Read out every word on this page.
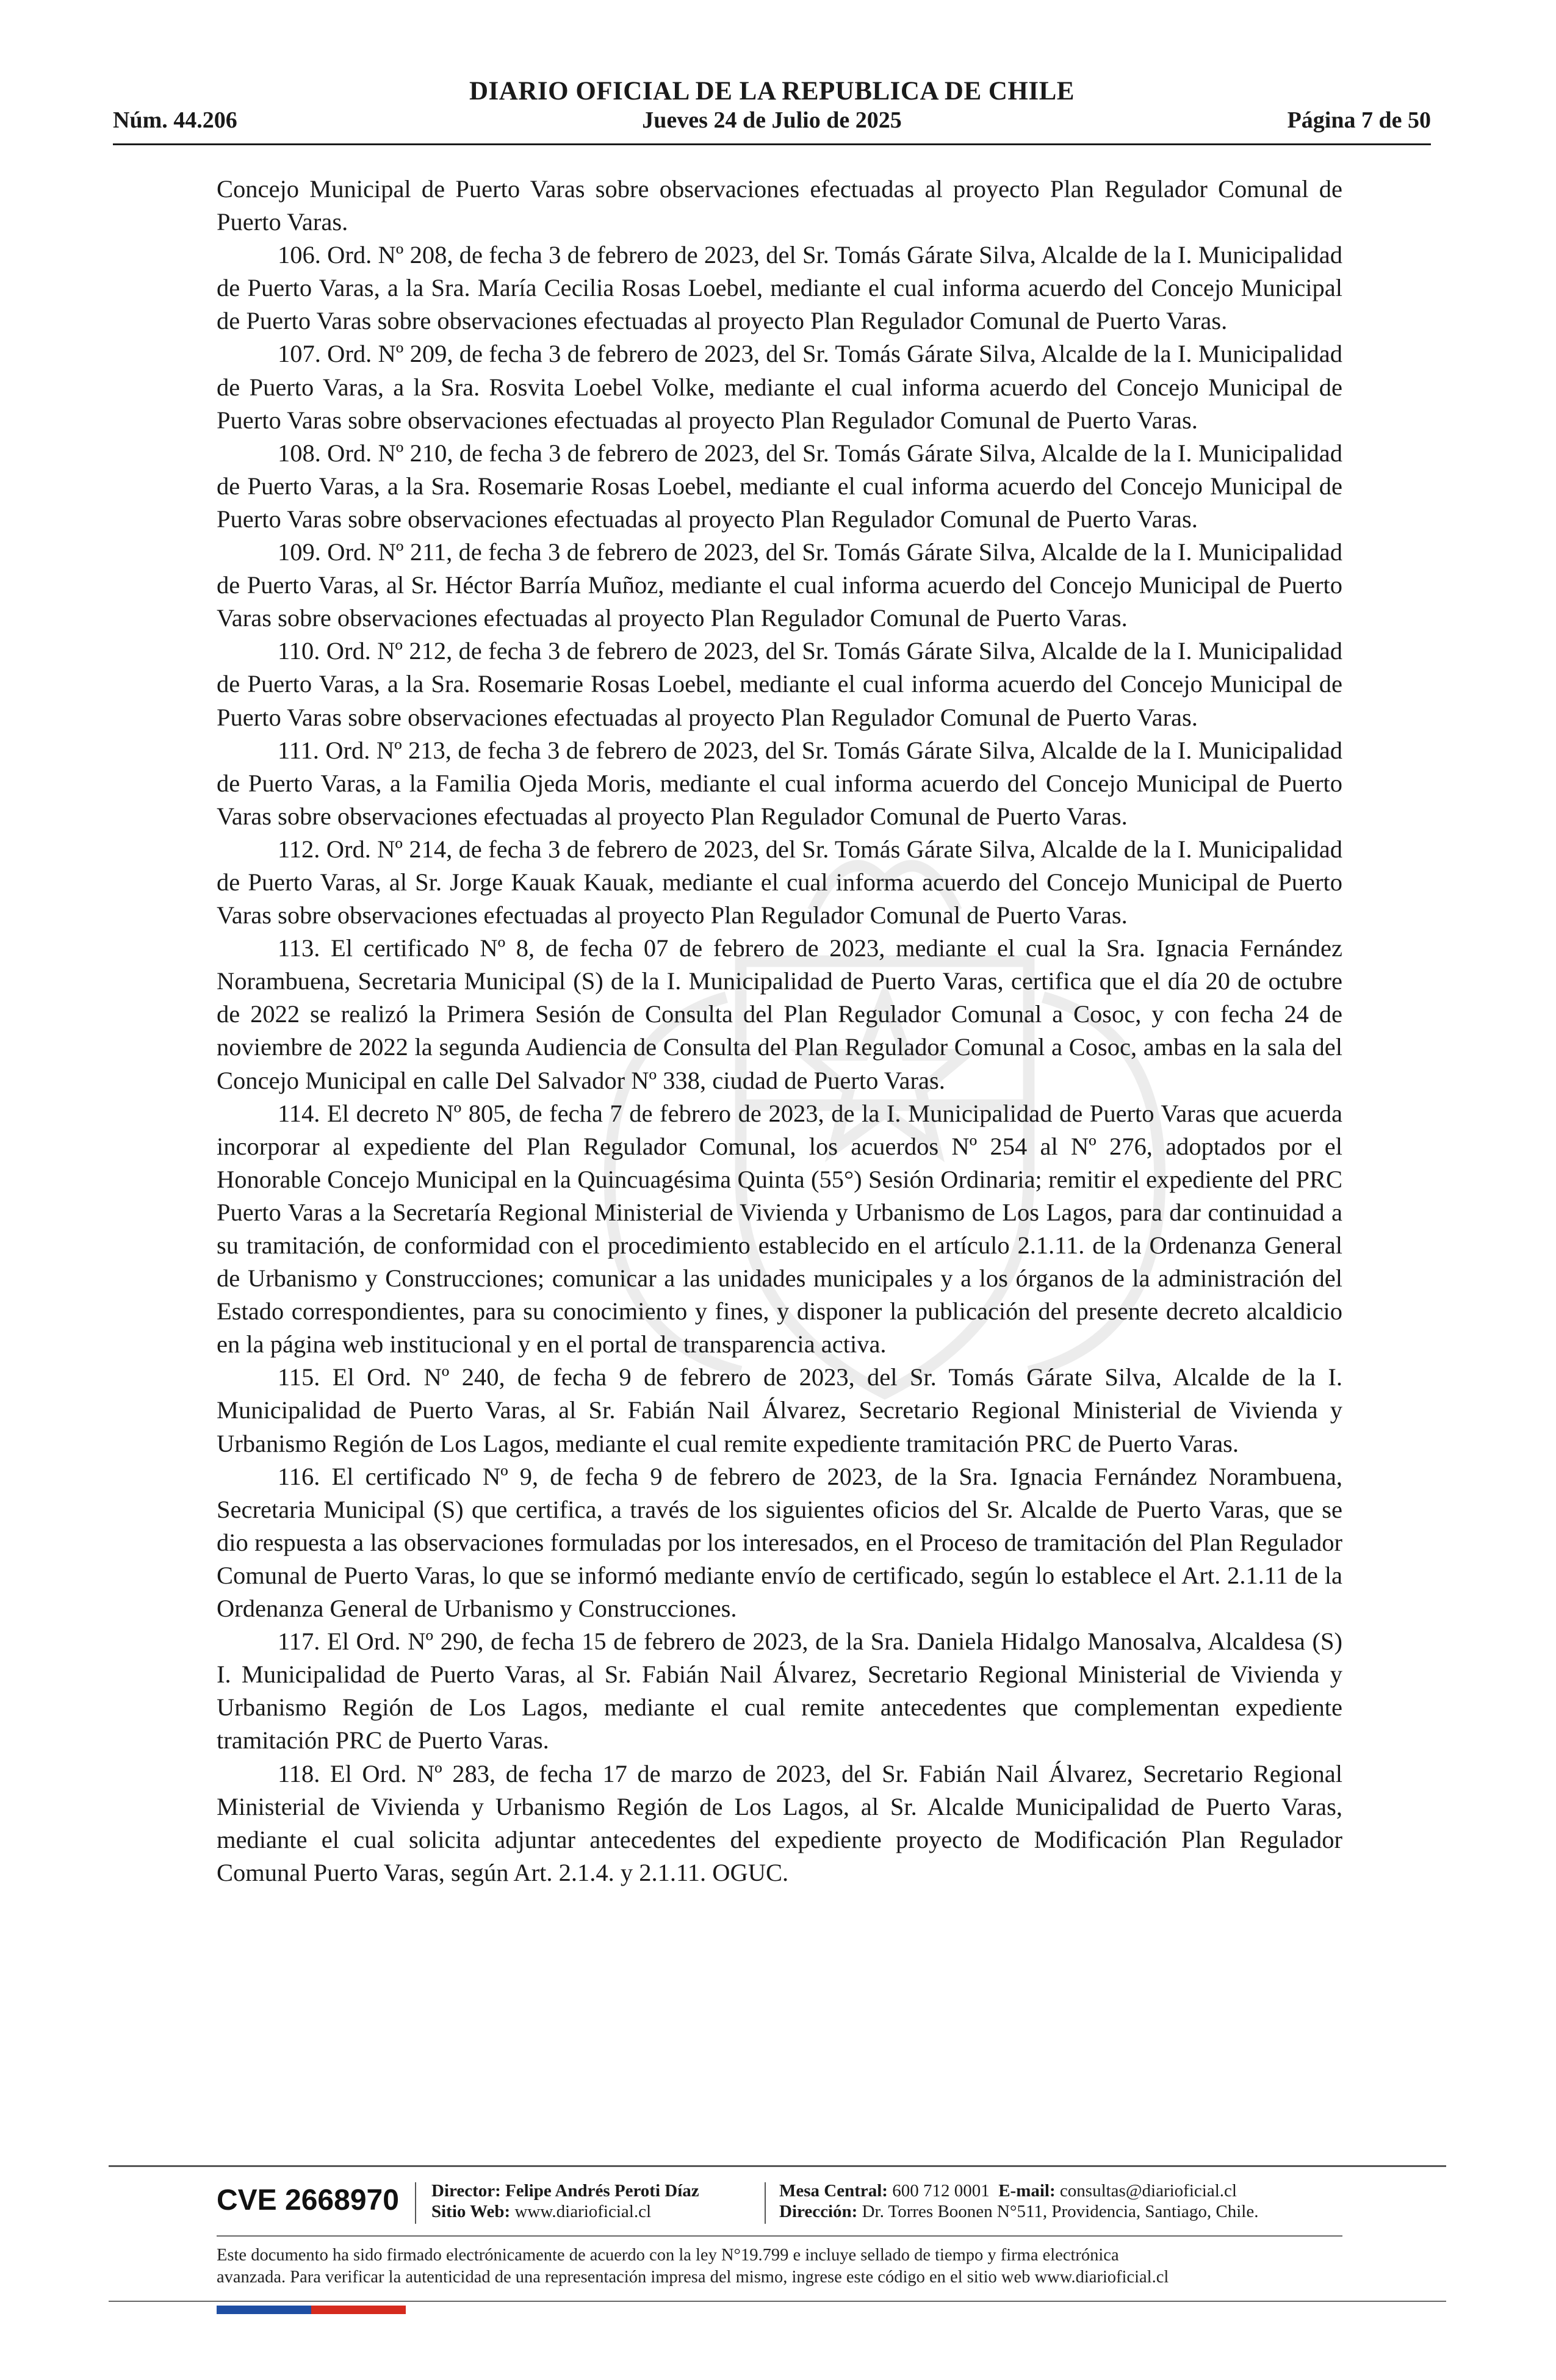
DIARIO OFICIAL DE LA REPUBLICA DE CHILE
Núm. 44.206	Jueves 24 de Julio de 2025	Página 7 de 50

Concejo Municipal de Puerto Varas sobre observaciones efectuadas al proyecto Plan Regulador Comunal de Puerto Varas.

106. Ord. Nº 208, de fecha 3 de febrero de 2023, del Sr. Tomás Gárate Silva, Alcalde de la I. Municipalidad de Puerto Varas, a la Sra. María Cecilia Rosas Loebel, mediante el cual informa acuerdo del Concejo Municipal de Puerto Varas sobre observaciones efectuadas al proyecto Plan Regulador Comunal de Puerto Varas.

107. Ord. Nº 209, de fecha 3 de febrero de 2023, del Sr. Tomás Gárate Silva, Alcalde de la I. Municipalidad de Puerto Varas, a la Sra. Rosvita Loebel Volke, mediante el cual informa acuerdo del Concejo Municipal de Puerto Varas sobre observaciones efectuadas al proyecto Plan Regulador Comunal de Puerto Varas.

108. Ord. Nº 210, de fecha 3 de febrero de 2023, del Sr. Tomás Gárate Silva, Alcalde de la I. Municipalidad de Puerto Varas, a la Sra. Rosemarie Rosas Loebel, mediante el cual informa acuerdo del Concejo Municipal de Puerto Varas sobre observaciones efectuadas al proyecto Plan Regulador Comunal de Puerto Varas.

109. Ord. Nº 211, de fecha 3 de febrero de 2023, del Sr. Tomás Gárate Silva, Alcalde de la I. Municipalidad de Puerto Varas, al Sr. Héctor Barría Muñoz, mediante el cual informa acuerdo del Concejo Municipal de Puerto Varas sobre observaciones efectuadas al proyecto Plan Regulador Comunal de Puerto Varas.

110. Ord. Nº 212, de fecha 3 de febrero de 2023, del Sr. Tomás Gárate Silva, Alcalde de la I. Municipalidad de Puerto Varas, a la Sra. Rosemarie Rosas Loebel, mediante el cual informa acuerdo del Concejo Municipal de Puerto Varas sobre observaciones efectuadas al proyecto Plan Regulador Comunal de Puerto Varas.

111. Ord. Nº 213, de fecha 3 de febrero de 2023, del Sr. Tomás Gárate Silva, Alcalde de la I. Municipalidad de Puerto Varas, a la Familia Ojeda Moris, mediante el cual informa acuerdo del Concejo Municipal de Puerto Varas sobre observaciones efectuadas al proyecto Plan Regulador Comunal de Puerto Varas.

112. Ord. Nº 214, de fecha 3 de febrero de 2023, del Sr. Tomás Gárate Silva, Alcalde de la I. Municipalidad de Puerto Varas, al Sr. Jorge Kauak Kauak, mediante el cual informa acuerdo del Concejo Municipal de Puerto Varas sobre observaciones efectuadas al proyecto Plan Regulador Comunal de Puerto Varas.

113. El certificado Nº 8, de fecha 07 de febrero de 2023, mediante el cual la Sra. Ignacia Fernández Norambuena, Secretaria Municipal (S) de la I. Municipalidad de Puerto Varas, certifica que el día 20 de octubre de 2022 se realizó la Primera Sesión de Consulta del Plan Regulador Comunal a Cosoc, y con fecha 24 de noviembre de 2022 la segunda Audiencia de Consulta del Plan Regulador Comunal a Cosoc, ambas en la sala del Concejo Municipal en calle Del Salvador Nº 338, ciudad de Puerto Varas.

114. El decreto Nº 805, de fecha 7 de febrero de 2023, de la I. Municipalidad de Puerto Varas que acuerda incorporar al expediente del Plan Regulador Comunal, los acuerdos Nº 254 al Nº 276, adoptados por el Honorable Concejo Municipal en la Quincuagésima Quinta (55°) Sesión Ordinaria; remitir el expediente del PRC Puerto Varas a la Secretaría Regional Ministerial de Vivienda y Urbanismo de Los Lagos, para dar continuidad a su tramitación, de conformidad con el procedimiento establecido en el artículo 2.1.11. de la Ordenanza General de Urbanismo y Construcciones; comunicar a las unidades municipales y a los órganos de la administración del Estado correspondientes, para su conocimiento y fines, y disponer la publicación del presente decreto alcaldicio en la página web institucional y en el portal de transparencia activa.

115. El Ord. Nº 240, de fecha 9 de febrero de 2023, del Sr. Tomás Gárate Silva, Alcalde de la I. Municipalidad de Puerto Varas, al Sr. Fabián Nail Álvarez, Secretario Regional Ministerial de Vivienda y Urbanismo Región de Los Lagos, mediante el cual remite expediente tramitación PRC de Puerto Varas.

116. El certificado Nº 9, de fecha 9 de febrero de 2023, de la Sra. Ignacia Fernández Norambuena, Secretaria Municipal (S) que certifica, a través de los siguientes oficios del Sr. Alcalde de Puerto Varas, que se dio respuesta a las observaciones formuladas por los interesados, en el Proceso de tramitación del Plan Regulador Comunal de Puerto Varas, lo que se informó mediante envío de certificado, según lo establece el Art. 2.1.11 de la Ordenanza General de Urbanismo y Construcciones.

117. El Ord. Nº 290, de fecha 15 de febrero de 2023, de la Sra. Daniela Hidalgo Manosalva, Alcaldesa (S) I. Municipalidad de Puerto Varas, al Sr. Fabián Nail Álvarez, Secretario Regional Ministerial de Vivienda y Urbanismo Región de Los Lagos, mediante el cual remite antecedentes que complementan expediente tramitación PRC de Puerto Varas.

118. El Ord. Nº 283, de fecha 17 de marzo de 2023, del Sr. Fabián Nail Álvarez, Secretario Regional Ministerial de Vivienda y Urbanismo Región de Los Lagos, al Sr. Alcalde Municipalidad de Puerto Varas, mediante el cual solicita adjuntar antecedentes del expediente proyecto de Modificación Plan Regulador Comunal Puerto Varas, según Art. 2.1.4. y 2.1.11. OGUC.

CVE 2668970 Director: Felipe Andrés Peroti Díaz
Sitio Web: www.diarioficial.cl
Mesa Central: 600 712 0001 E-mail: consultas@diarioficial.cl
Dirección: Dr. Torres Boonen N°511, Providencia, Santiago, Chile.
Este documento ha sido firmado electrónicamente de acuerdo con la ley N°19.799 e incluye sellado de tiempo y firma electrónica
avanzada. Para verificar la autenticidad de una representación impresa del mismo, ingrese este código en el sitio web www.diarioficial.cl
